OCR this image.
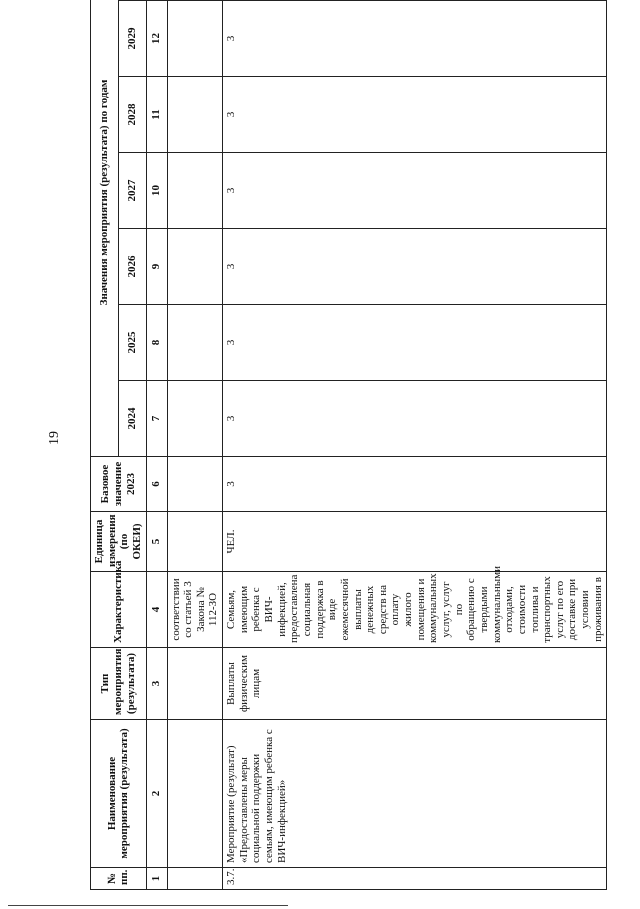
19
№ пп.	Наименование мероприятия (результата)	Тип мероприятия (результата)	Характеристика	Единица измерения (по ОКЕИ)	Базовое значение 2023	Значения мероприятия (результата) по годам						
						2024	2025	2026	2027	2028	2029	
1	2	3	4	5	6	7	8	9	10	11	12	
			соответствии со статьей 3 Закона № 112-ЗО									
3.7.	Мероприятие (результат) «Предоставлены меры социальной поддержки семьям, имеющим ребенка с ВИЧ-инфекцией»	Выплаты физическим лицам	Семьям, имеющим ребенка с ВИЧ-инфекцией, предоставлена социальная поддержка в виде ежемесячной выплаты денежных средств на оплату жилого помещения и коммунальных услуг, услуг по обращению с твердыми коммунальными отходами, стоимости топлива и транспортных услуг по его доставке при условии проживания в	ЧЕЛ.	3	3	3	3	3	3	3	
